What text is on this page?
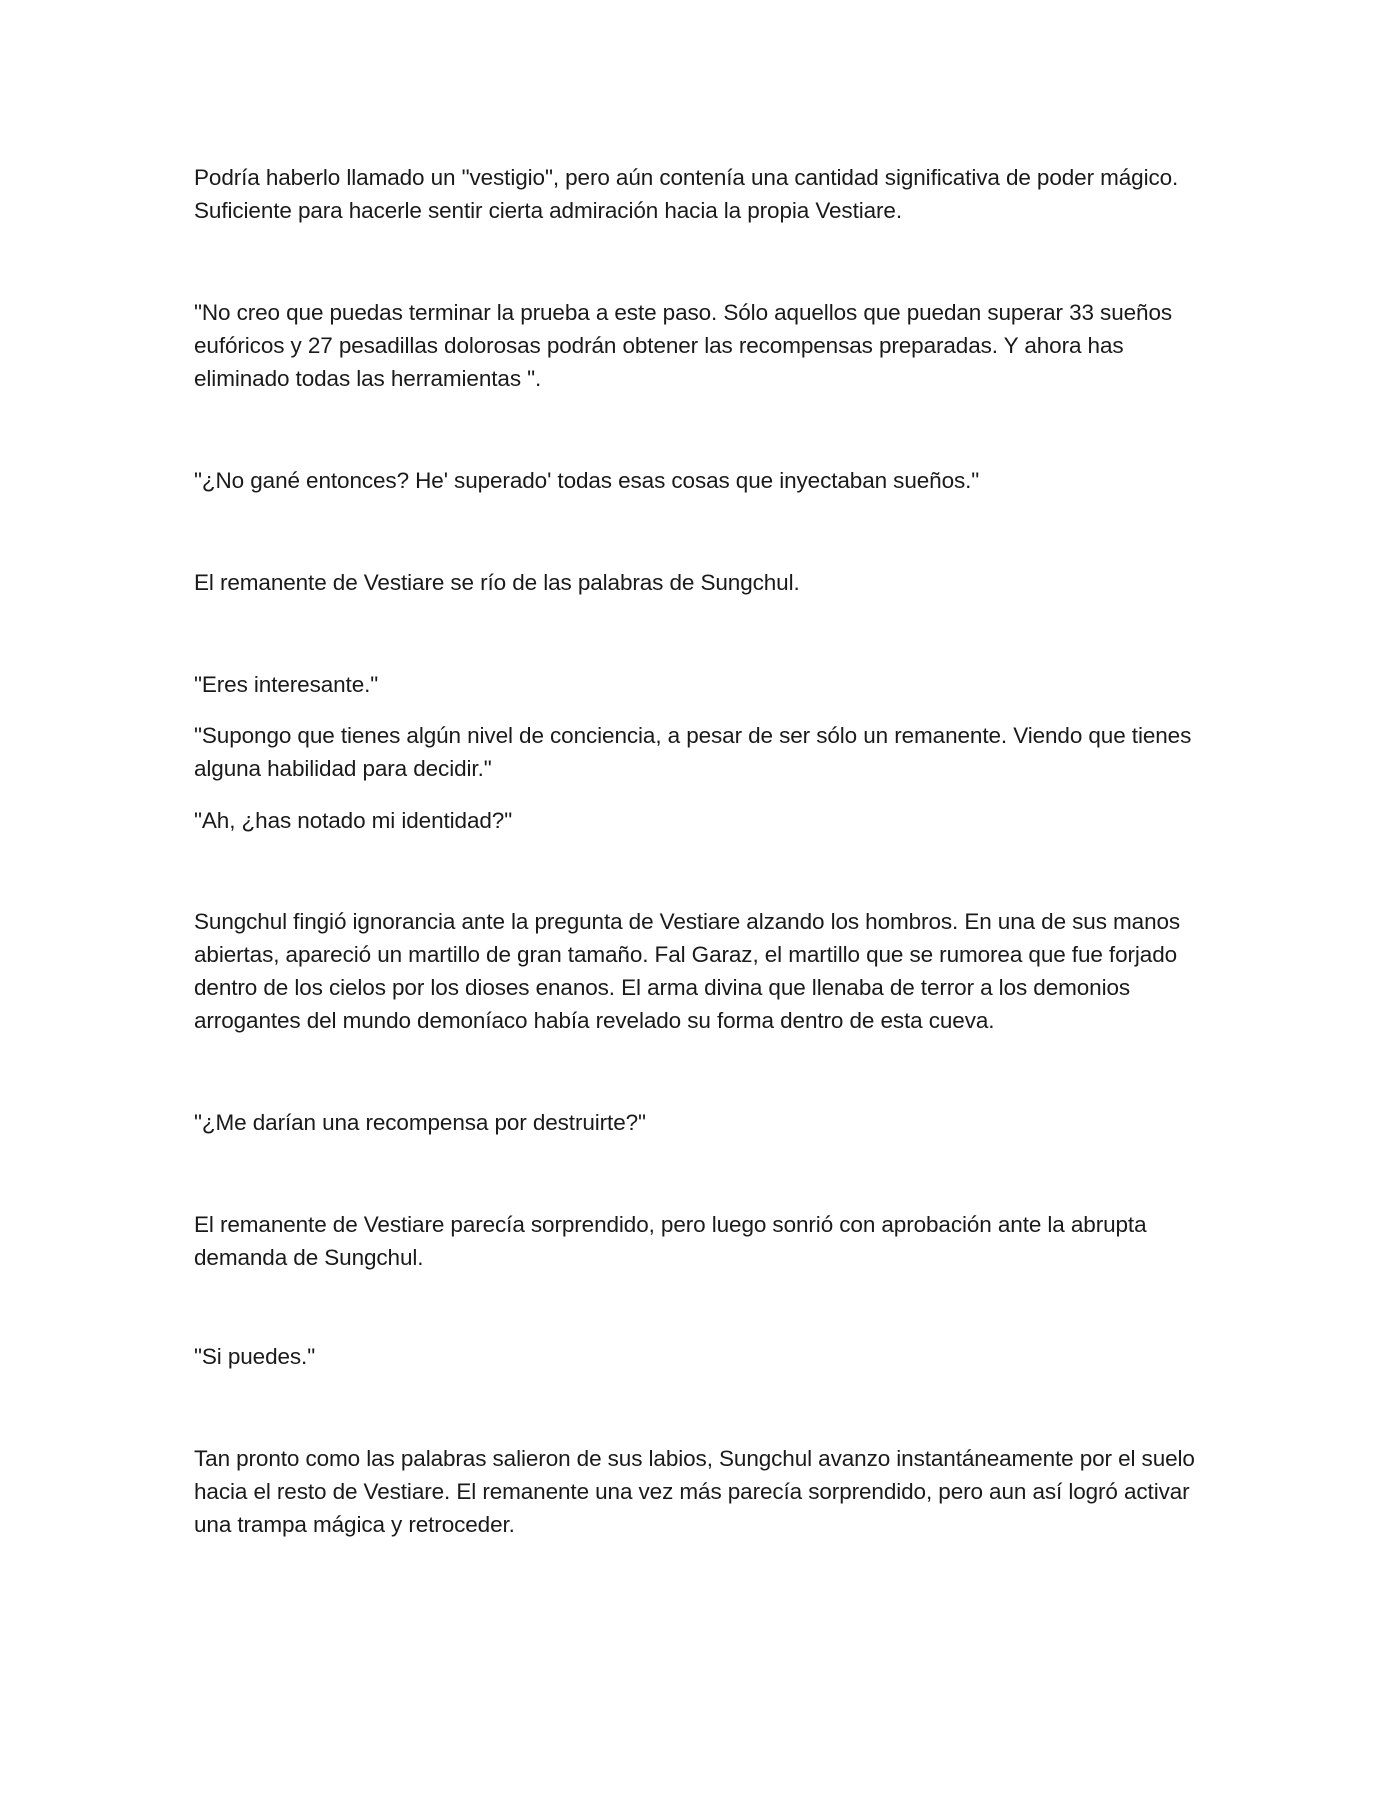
Podría haberlo llamado un "vestigio", pero aún contenía una cantidad significativa de poder mágico. Suficiente para hacerle sentir cierta admiración hacia la propia Vestiare.

"No creo que puedas terminar la prueba a este paso. Sólo aquellos que puedan superar 33 sueños eufóricos y 27 pesadillas dolorosas podrán obtener las recompensas preparadas. Y ahora has eliminado todas las herramientas ".

"¿No gané entonces? He' superado' todas esas cosas que inyectaban sueños."

El remanente de Vestiare se río de las palabras de Sungchul.

"Eres interesante."

"Supongo que tienes algún nivel de conciencia, a pesar de ser sólo un remanente. Viendo que tienes alguna habilidad para decidir."

"Ah, ¿has notado mi identidad?"

Sungchul fingió ignorancia ante la pregunta de Vestiare alzando los hombros. En una de sus manos abiertas, apareció un martillo de gran tamaño. Fal Garaz, el martillo que se rumorea que fue forjado dentro de los cielos por los dioses enanos. El arma divina que llenaba de terror a los demonios arrogantes del mundo demoníaco había revelado su forma dentro de esta cueva.

"¿Me darían una recompensa por destruirte?"

El remanente de Vestiare parecía sorprendido, pero luego sonrió con aprobación ante la abrupta demanda de Sungchul.

"Si puedes."

Tan pronto como las palabras salieron de sus labios, Sungchul avanzo instantáneamente por el suelo hacia el resto de Vestiare. El remanente una vez más parecía sorprendido, pero aun así logró activar una trampa mágica y retroceder.
